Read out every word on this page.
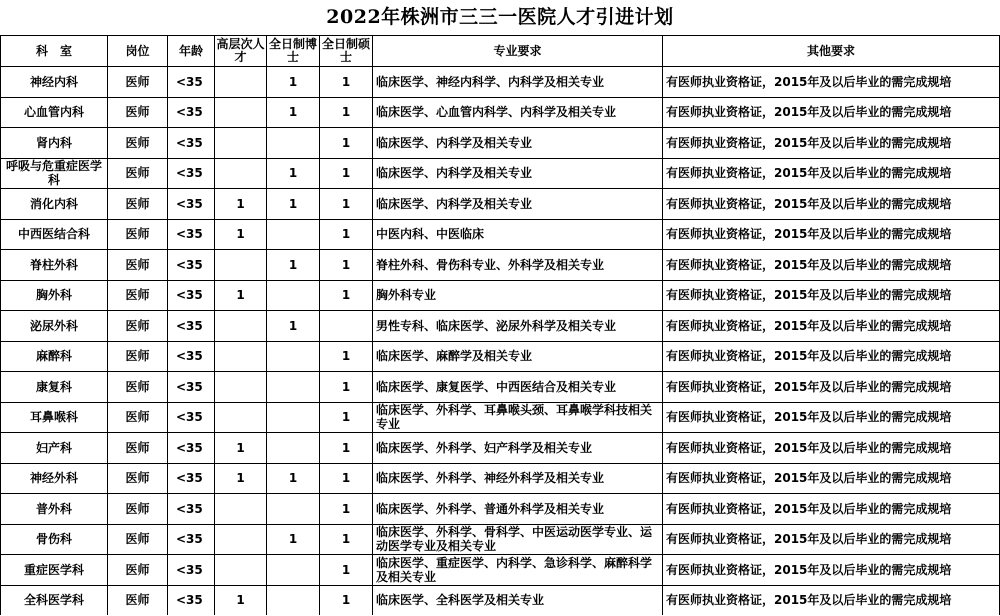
2022年株洲市三三一医院人才引进计划
科　室	岗位	年龄	高层次人才	全日制博士	全日制硕士	专业要求	其他要求
神经内科	医师	<35		1	1	临床医学、神经内科学、内科学及相关专业	有医师执业资格证，2015年及以后毕业的需完成规培
心血管内科	医师	<35		1	1	临床医学、心血管内科学、内科学及相关专业	有医师执业资格证，2015年及以后毕业的需完成规培
肾内科	医师	<35			1	临床医学、内科学及相关专业	有医师执业资格证，2015年及以后毕业的需完成规培
呼吸与危重症医学科	医师	<35		1	1	临床医学、内科学及相关专业	有医师执业资格证，2015年及以后毕业的需完成规培
消化内科	医师	<35	1	1	1	临床医学、内科学及相关专业	有医师执业资格证，2015年及以后毕业的需完成规培
中西医结合科	医师	<35	1		1	中医内科、中医临床	有医师执业资格证，2015年及以后毕业的需完成规培
脊柱外科	医师	<35		1	1	脊柱外科、骨伤科专业、外科学及相关专业	有医师执业资格证，2015年及以后毕业的需完成规培
胸外科	医师	<35	1		1	胸外科专业	有医师执业资格证，2015年及以后毕业的需完成规培
泌尿外科	医师	<35		1		男性专科、临床医学、泌尿外科学及相关专业	有医师执业资格证，2015年及以后毕业的需完成规培
麻醉科	医师	<35			1	临床医学、麻醉学及相关专业	有医师执业资格证，2015年及以后毕业的需完成规培
康复科	医师	<35			1	临床医学、康复医学、中西医结合及相关专业	有医师执业资格证，2015年及以后毕业的需完成规培
耳鼻喉科	医师	<35			1	临床医学、外科学、耳鼻喉头颈、耳鼻喉学科技相关专业	有医师执业资格证，2015年及以后毕业的需完成规培
妇产科	医师	<35	1		1	临床医学、外科学、妇产科学及相关专业	有医师执业资格证，2015年及以后毕业的需完成规培
神经外科	医师	<35	1	1	1	临床医学、外科学、神经外科学及相关专业	有医师执业资格证，2015年及以后毕业的需完成规培
普外科	医师	<35			1	临床医学、外科学、普通外科学及相关专业	有医师执业资格证，2015年及以后毕业的需完成规培
骨伤科	医师	<35		1	1	临床医学、外科学、骨科学、中医运动医学专业、运动医学专业及相关专业	有医师执业资格证，2015年及以后毕业的需完成规培
重症医学科	医师	<35			1	临床医学、重症医学、内科学、急诊科学、麻醉科学及相关专业	有医师执业资格证，2015年及以后毕业的需完成规培
全科医学科	医师	<35	1		1	临床医学、全科医学及相关专业	有医师执业资格证，2015年及以后毕业的需完成规培
